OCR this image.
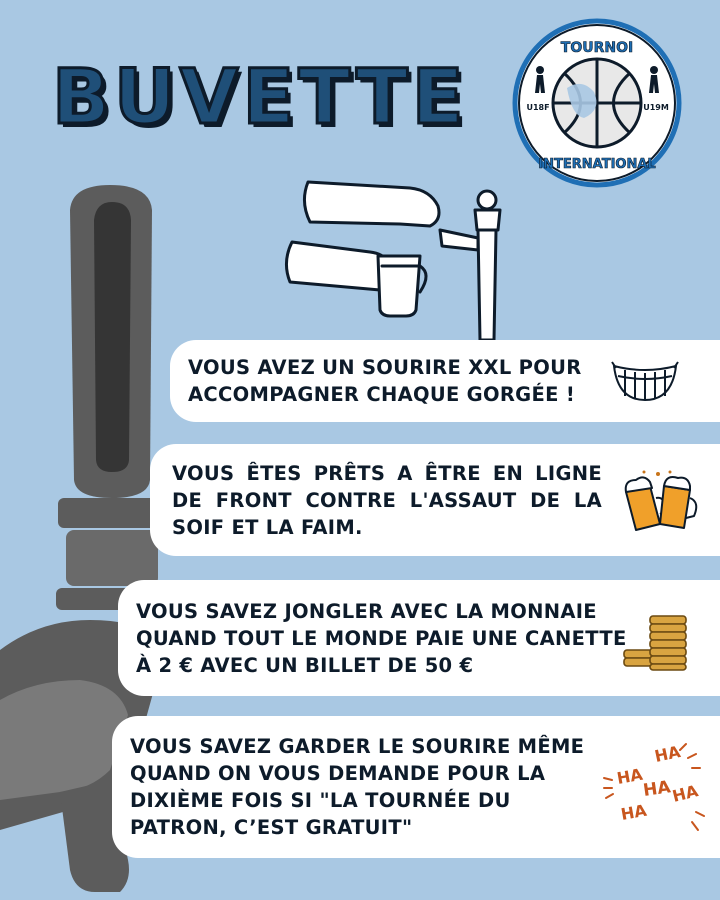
BUVETTE
TOURNOI
INTERNATIONAL
U18F	U19M
VOUS AVEZ UN SOURIRE XXL POUR ACCOMPAGNER CHAQUE GORGÉE !
VOUS ÊTES PRÊTS A ÊTRE EN LIGNE DE FRONT CONTRE L'ASSAUT DE LA SOIF ET LA FAIM.
VOUS SAVEZ JONGLER AVEC LA MONNAIE QUAND TOUT LE MONDE PAIE UNE CANETTE À 2 € AVEC UN BILLET DE 50 €
VOUS SAVEZ GARDER LE SOURIRE MÊME QUAND ON VOUS DEMANDE POUR LA DIXIÈME FOIS SI "LA TOURNÉE DU PATRON, C’EST GRATUIT"
HA
HA
HA
HA
HA
